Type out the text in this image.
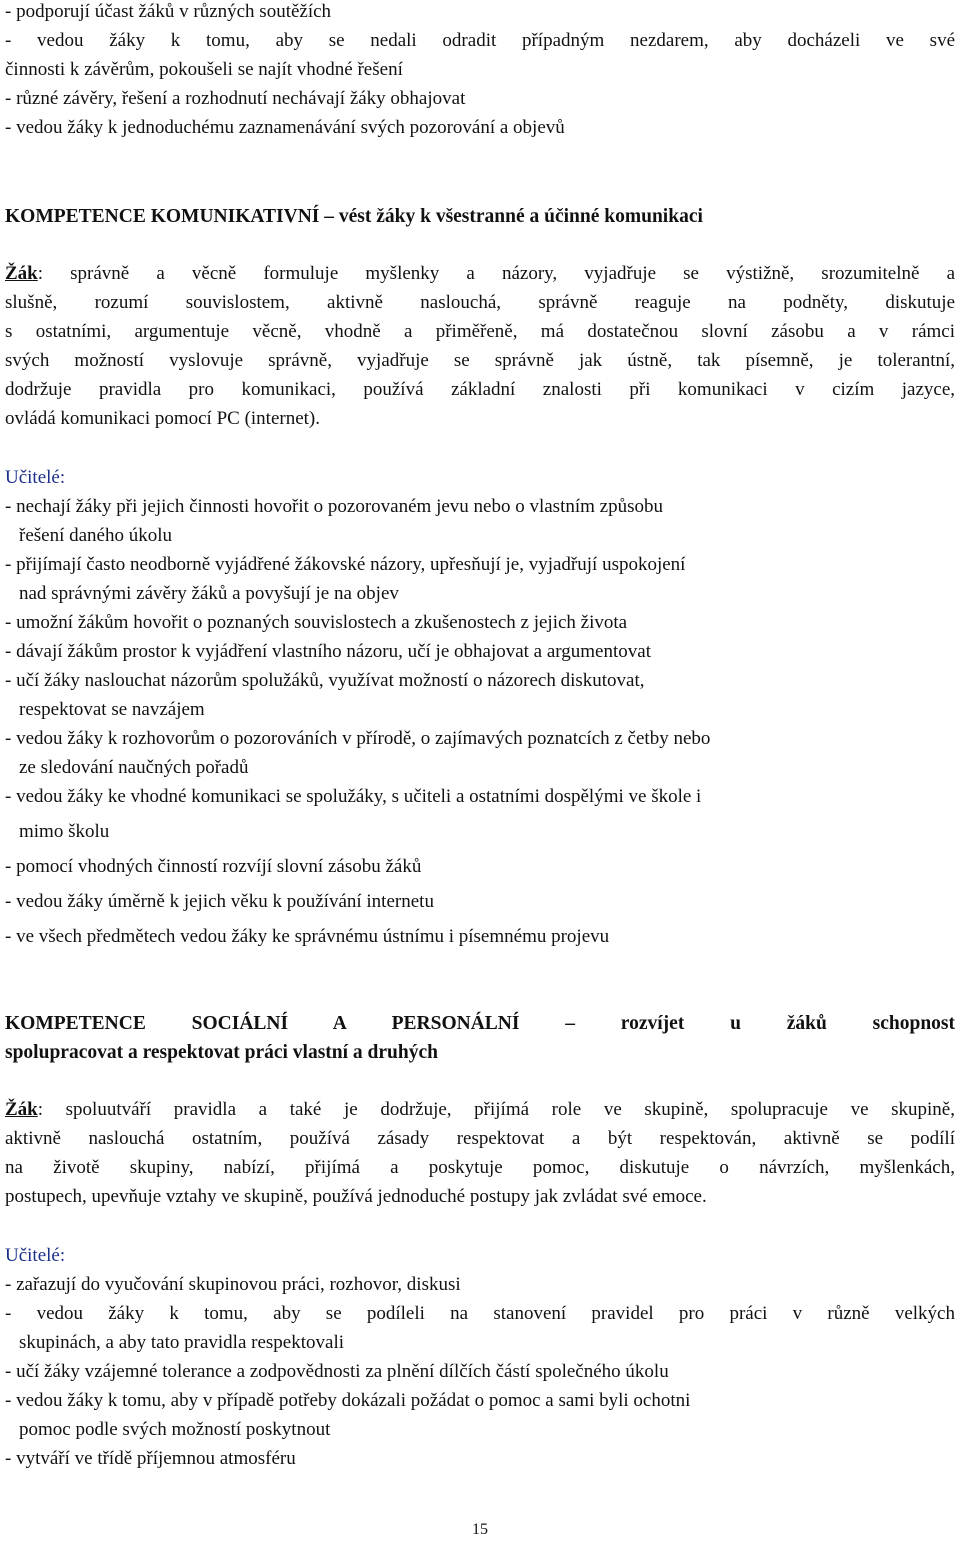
- podporují účast žáků v různých soutěžích
- vedou žáky k tomu, aby se nedali odradit případným nezdarem, aby docházeli ve své
činnosti k závěrům, pokoušeli se najít vhodné řešení
- různé závěry, řešení a rozhodnutí nechávají žáky obhajovat
- vedou žáky k jednoduchému zaznamenávání svých pozorování a objevů
KOMPETENCE KOMUNIKATIVNÍ – vést žáky k všestranné a účinné komunikaci
Žák: správně a věcně formuluje myšlenky a názory, vyjadřuje se výstižně, srozumitelně a
slušně, rozumí souvislostem, aktivně naslouchá, správně reaguje na podněty, diskutuje
s ostatními, argumentuje věcně, vhodně a přiměřeně, má dostatečnou slovní zásobu a v rámci
svých možností vyslovuje správně, vyjadřuje se správně jak ústně, tak písemně, je tolerantní,
dodržuje pravidla pro komunikaci, používá základní znalosti při komunikaci v cizím jazyce,
ovládá komunikaci pomocí PC (internet).
Učitelé:
- nechají žáky při jejich činnosti hovořit o pozorovaném jevu nebo o vlastním způsobu
řešení daného úkolu
- přijímají často neodborně vyjádřené žákovské názory, upřesňují je, vyjadřují uspokojení
nad správnými závěry žáků a povyšují je na objev
- umožní žákům hovořit o poznaných souvislostech a zkušenostech z jejich života
- dávají žákům prostor k vyjádření vlastního názoru, učí je obhajovat a argumentovat
- učí žáky naslouchat názorům spolužáků, využívat možností o názorech diskutovat,
respektovat se navzájem
- vedou žáky k rozhovorům o pozorováních v přírodě, o zajímavých poznatcích z četby nebo
ze sledování naučných pořadů
- vedou žáky ke vhodné komunikaci se spolužáky, s učiteli a ostatními dospělými ve škole i
mimo školu
- pomocí vhodných činností rozvíjí slovní zásobu žáků
- vedou žáky úměrně k jejich věku k používání internetu
- ve všech předmětech vedou žáky ke správnému ústnímu i písemnému projevu
KOMPETENCE SOCIÁLNÍ A PERSONÁLNÍ – rozvíjet u žáků schopnost
spolupracovat a respektovat práci vlastní a druhých
Žák: spoluutváří pravidla a také je dodržuje, přijímá role ve skupině, spolupracuje ve skupině,
aktivně naslouchá ostatním, používá zásady respektovat a být respektován, aktivně se podílí
na životě skupiny, nabízí, přijímá a poskytuje pomoc, diskutuje o návrzích, myšlenkách,
postupech, upevňuje vztahy ve skupině, používá jednoduché postupy jak zvládat své emoce.
Učitelé:
- zařazují do vyučování skupinovou práci, rozhovor, diskusi
- vedou žáky k tomu, aby se podíleli na stanovení pravidel pro práci v různě velkých
skupinách, a aby tato pravidla respektovali
- učí žáky vzájemné tolerance a zodpovědnosti za plnění dílčích částí společného úkolu
- vedou žáky k tomu, aby v případě potřeby dokázali požádat o pomoc a sami byli ochotni
pomoc podle svých možností poskytnout
- vytváří ve třídě příjemnou atmosféru
15
